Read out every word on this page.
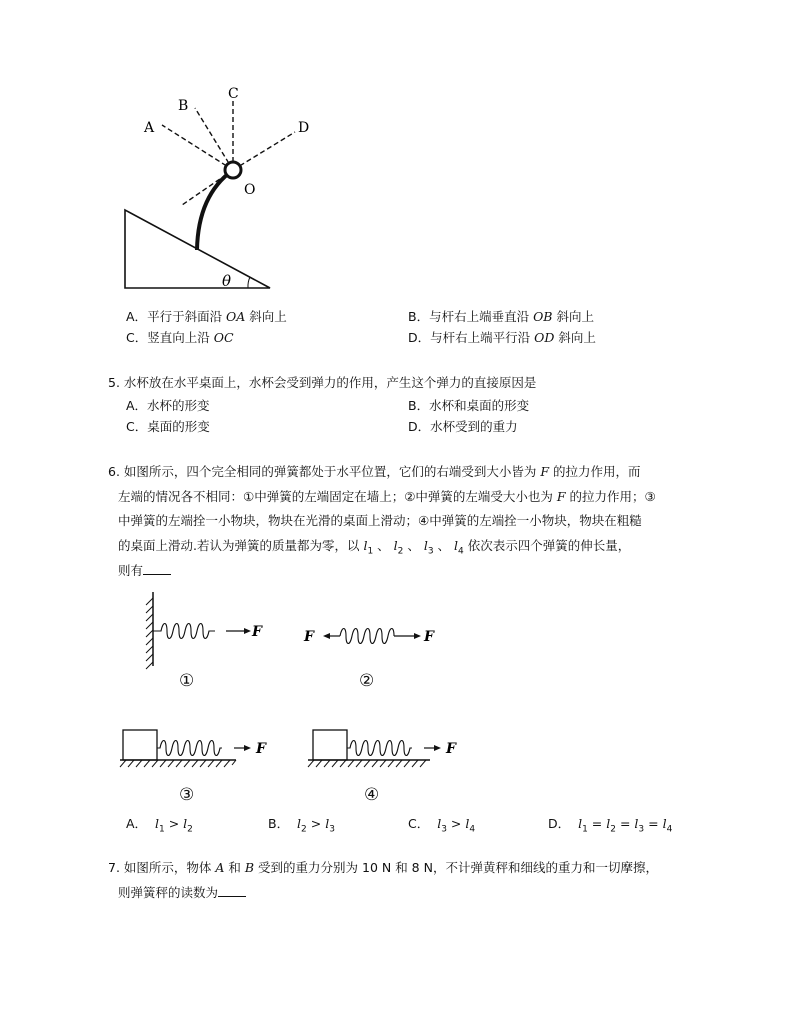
A
B
C
D
O
θ
A．平行于斜面沿 OA 斜向上	B．与杆右上端垂直沿 OB 斜向上
C．竖直向上沿 OC	D．与杆右上端平行沿 OD 斜向上
5. 水杯放在水平桌面上，水杯会受到弹力的作用，产生这个弹力的直接原因是
A．水杯的形变	B．水杯和桌面的形变
C．桌面的形变	D．水杯受到的重力
6. 如图所示，四个完全相同的弹簧都处于水平位置，它们的右端受到大小皆为 F 的拉力作用，而
左端的情况各不相同：①中弹簧的左端固定在墙上；②中弹簧的左端受大小也为 F 的拉力作用；③
中弹簧的左端拴一小物块，物块在光滑的桌面上滑动；④中弹簧的左端拴一小物块，物块在粗糙
的桌面上滑动.若认为弹簧的质量都为零，以 $l_1$ 、 $l_2$ 、 $l_3$ 、 $l_4$ 依次表示四个弹簧的伸长量，
则有
F
①
F	F
②
F
③
F
④
A． $l_1 > l_2$	B． $l_2 > l_3$	C． $l_3 > l_4$	D． $l_1 = l_2 = l_3 = l_4$
7. 如图所示，物体 A 和 B 受到的重力分别为 10 N 和 8 N，不计弹黄秤和细线的重力和一切摩擦，
则弹簧秤的读数为
